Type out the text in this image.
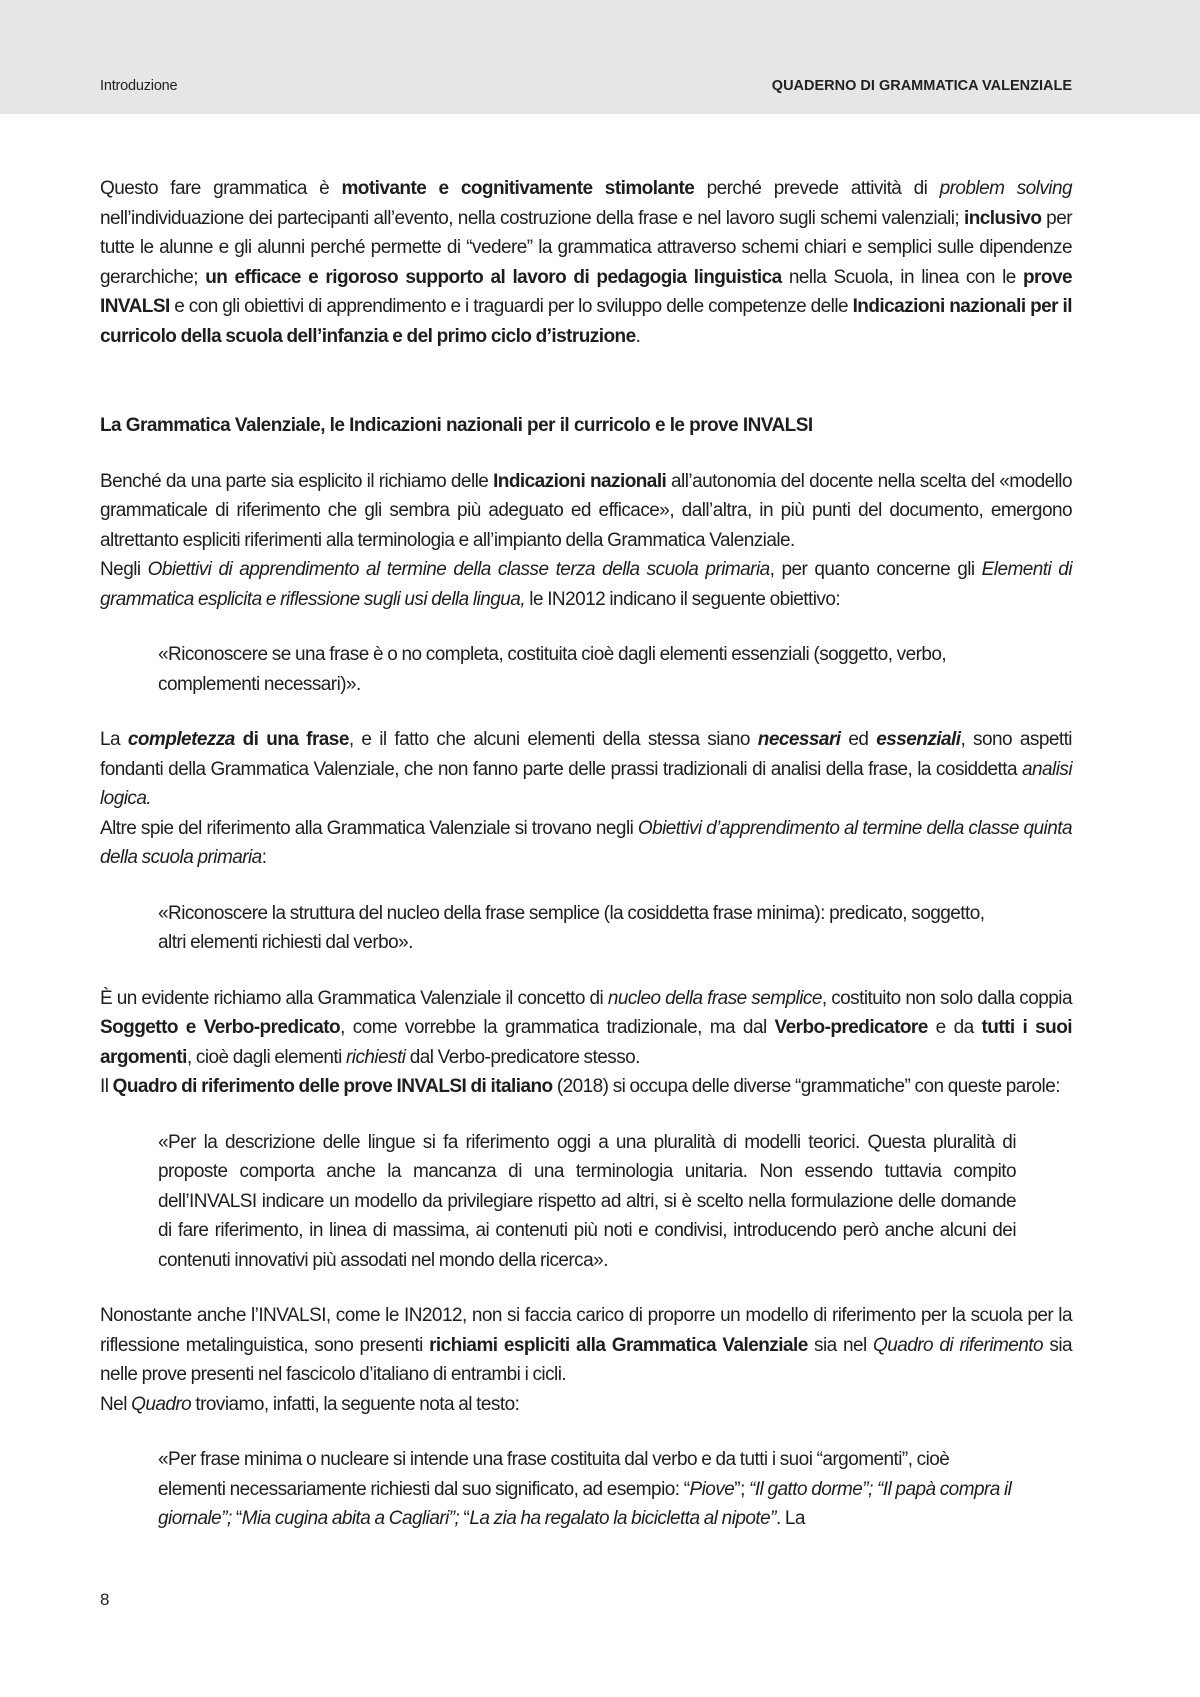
Introduzione	QUADERNO DI GRAMMATICA VALENZIALE

Questo fare grammatica è motivante e cognitivamente stimolante perché prevede attività di problem solving nell’individuazione dei partecipanti all’evento, nella costruzione della frase e nel lavoro sugli schemi valenziali; inclusivo per tutte le alunne e gli alunni perché permette di “vedere” la grammatica attraverso schemi chiari e semplici sulle dipendenze gerarchiche; un efficace e rigoroso supporto al lavoro di pedagogia linguistica nella Scuola, in linea con le prove INVALSI e con gli obiettivi di apprendimento e i traguardi per lo sviluppo delle competenze delle Indicazioni nazionali per il curricolo della scuola dell’infanzia e del primo ciclo d’istruzione.

La Grammatica Valenziale, le Indicazioni nazionali per il curricolo e le prove INVALSI

Benché da una parte sia esplicito il richiamo delle Indicazioni nazionali all’autonomia del docente nella scelta del «modello grammaticale di riferimento che gli sembra più adeguato ed efficace», dall’altra, in più punti del documento, emergono altrettanto espliciti riferimenti alla terminologia e all’impianto della Grammatica Valenziale.

Negli Obiettivi di apprendimento al termine della classe terza della scuola primaria, per quanto concerne gli Elementi di grammatica esplicita e riflessione sugli usi della lingua, le IN2012 indicano il seguente obiettivo:

«Riconoscere se una frase è o no completa, costituita cioè dagli elementi essenziali (soggetto, verbo, complementi necessari)».

La completezza di una frase, e il fatto che alcuni elementi della stessa siano necessari ed essenziali, sono aspetti fondanti della Grammatica Valenziale, che non fanno parte delle prassi tradizionali di analisi della frase, la cosiddetta analisi logica.

Altre spie del riferimento alla Grammatica Valenziale si trovano negli Obiettivi d’apprendimento al termine della classe quinta della scuola primaria:

«Riconoscere la struttura del nucleo della frase semplice (la cosiddetta frase minima): predicato, soggetto, altri elementi richiesti dal verbo».

È un evidente richiamo alla Grammatica Valenziale il concetto di nucleo della frase semplice, costituito non solo dalla coppia Soggetto e Verbo-predicato, come vorrebbe la grammatica tradizionale, ma dal Verbo-predicatore e da tutti i suoi argomenti, cioè dagli elementi richiesti dal Verbo-predicatore stesso.

Il Quadro di riferimento delle prove INVALSI di italiano (2018) si occupa delle diverse “grammatiche” con queste parole:

«Per la descrizione delle lingue si fa riferimento oggi a una pluralità di modelli teorici. Questa pluralità di proposte comporta anche la mancanza di una terminologia unitaria. Non essendo tuttavia compito dell’INVALSI indicare un modello da privilegiare rispetto ad altri, si è scelto nella formulazione delle domande di fare riferimento, in linea di massima, ai contenuti più noti e condivisi, introducendo però anche alcuni dei contenuti innovativi più assodati nel mondo della ricerca».

Nonostante anche l’INVALSI, come le IN2012, non si faccia carico di proporre un modello di riferimento per la scuola per la riflessione metalinguistica, sono presenti richiami espliciti alla Grammatica Valenziale sia nel Quadro di riferimento sia nelle prove presenti nel fascicolo d’italiano di entrambi i cicli.

Nel Quadro troviamo, infatti, la seguente nota al testo:

«Per frase minima o nucleare si intende una frase costituita dal verbo e da tutti i suoi “argomenti”, cioè elementi necessariamente richiesti dal suo significato, ad esempio: “Piove”; “Il gatto dorme”; “Il papà compra il giornale”; “Mia cugina abita a Cagliari”; “La zia ha regalato la bicicletta al nipote”. La

8
